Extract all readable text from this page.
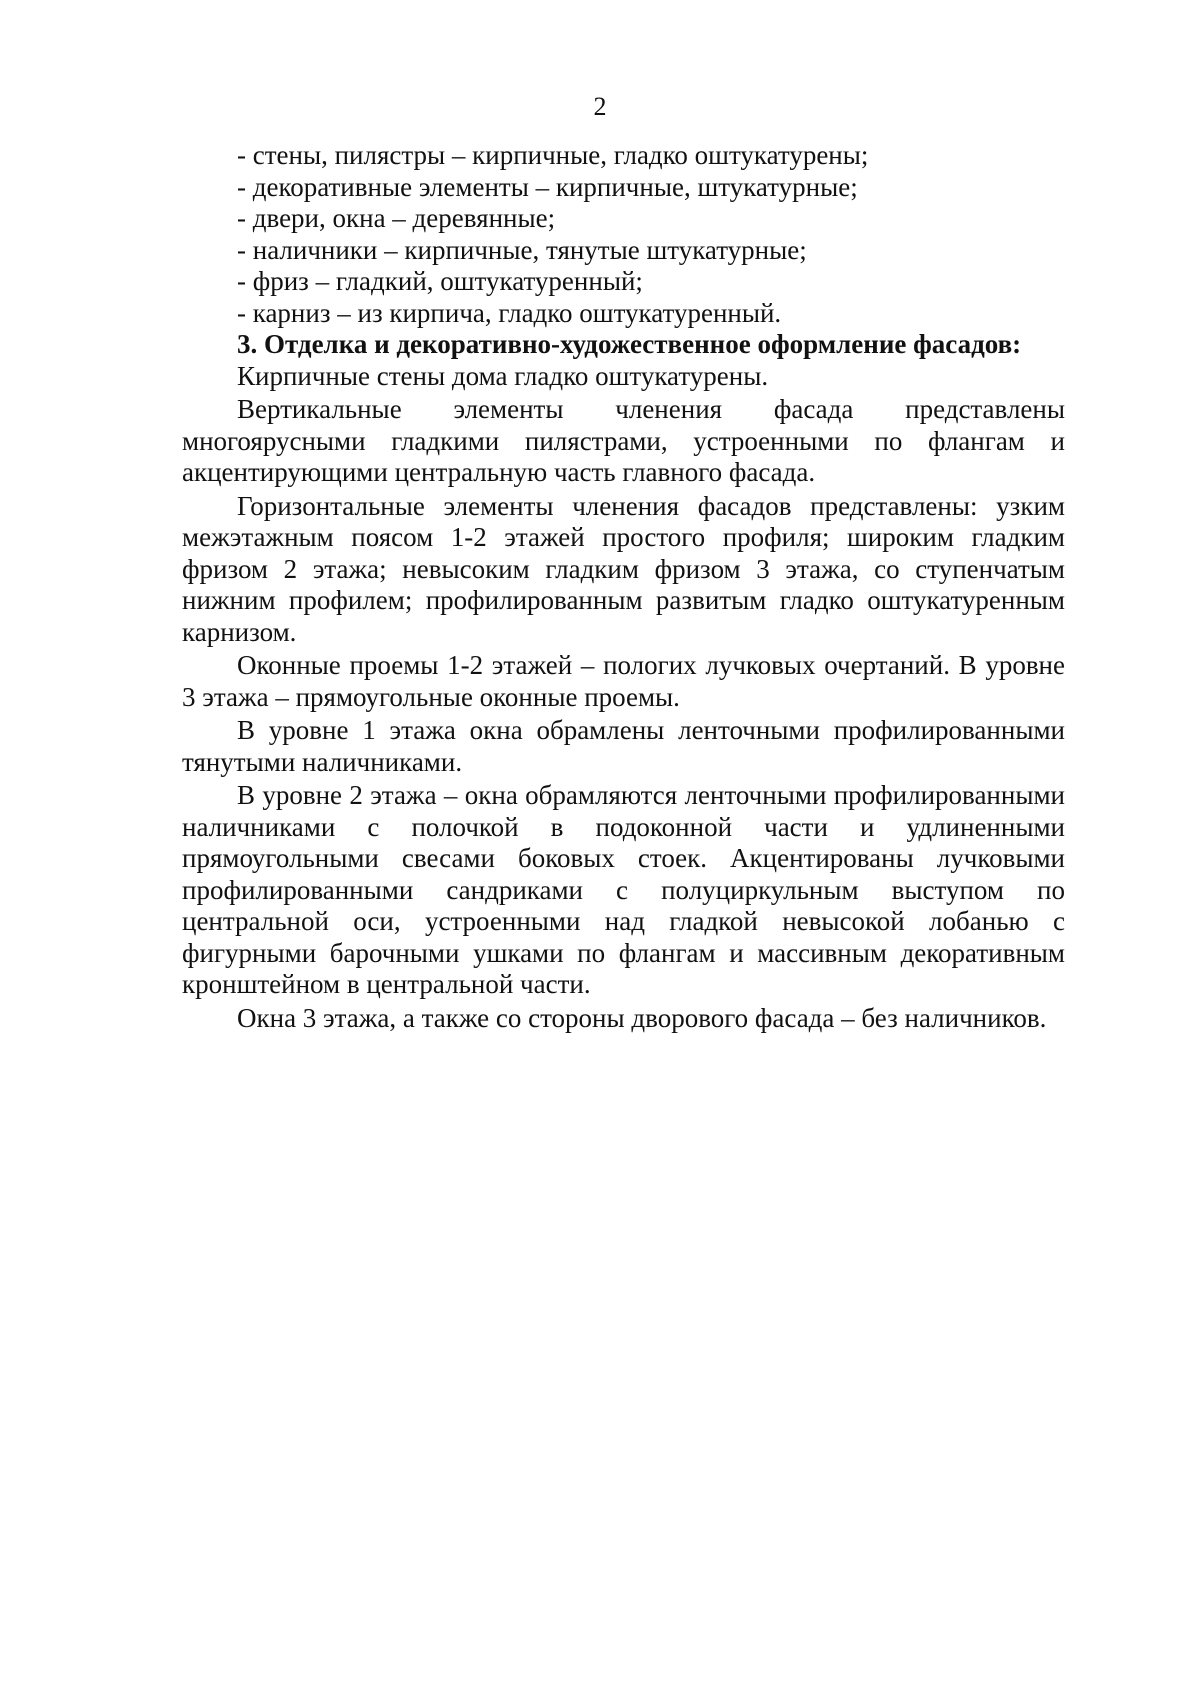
2
- стены, пилястры – кирпичные, гладко оштукатурены;
- декоративные элементы – кирпичные, штукатурные;
- двери, окна – деревянные;
- наличники – кирпичные, тянутые штукатурные;
- фриз – гладкий, оштукатуренный;
- карниз – из кирпича, гладко оштукатуренный.
3. Отделка и декоративно-художественное оформление фасадов:

Кирпичные стены дома гладко оштукатурены.

Вертикальные элементы членения фасада представлены многоярусными гладкими пилястрами, устроенными по флангам и акцентирующими центральную часть главного фасада.

Горизонтальные элементы членения фасадов представлены: узким межэтажным поясом 1-2 этажей простого профиля; широким гладким фризом 2 этажа; невысоким гладким фризом 3 этажа, со ступенчатым нижним профилем; профилированным развитым гладко оштукатуренным карнизом.

Оконные проемы 1-2 этажей – пологих лучковых очертаний. В уровне 3 этажа – прямоугольные оконные проемы.

В уровне 1 этажа окна обрамлены ленточными профилированными тянутыми наличниками.

В уровне 2 этажа – окна обрамляются ленточными профилированными наличниками с полочкой в подоконной части и удлиненными прямоугольными свесами боковых стоек. Акцентированы лучковыми профилированными сандриками с полуциркульным выступом по центральной оси, устроенными над гладкой невысокой лобанью с фигурными барочными ушками по флангам и массивным декоративным кронштейном в центральной части.

Окна 3 этажа, а также со стороны дворового фасада – без наличников.
